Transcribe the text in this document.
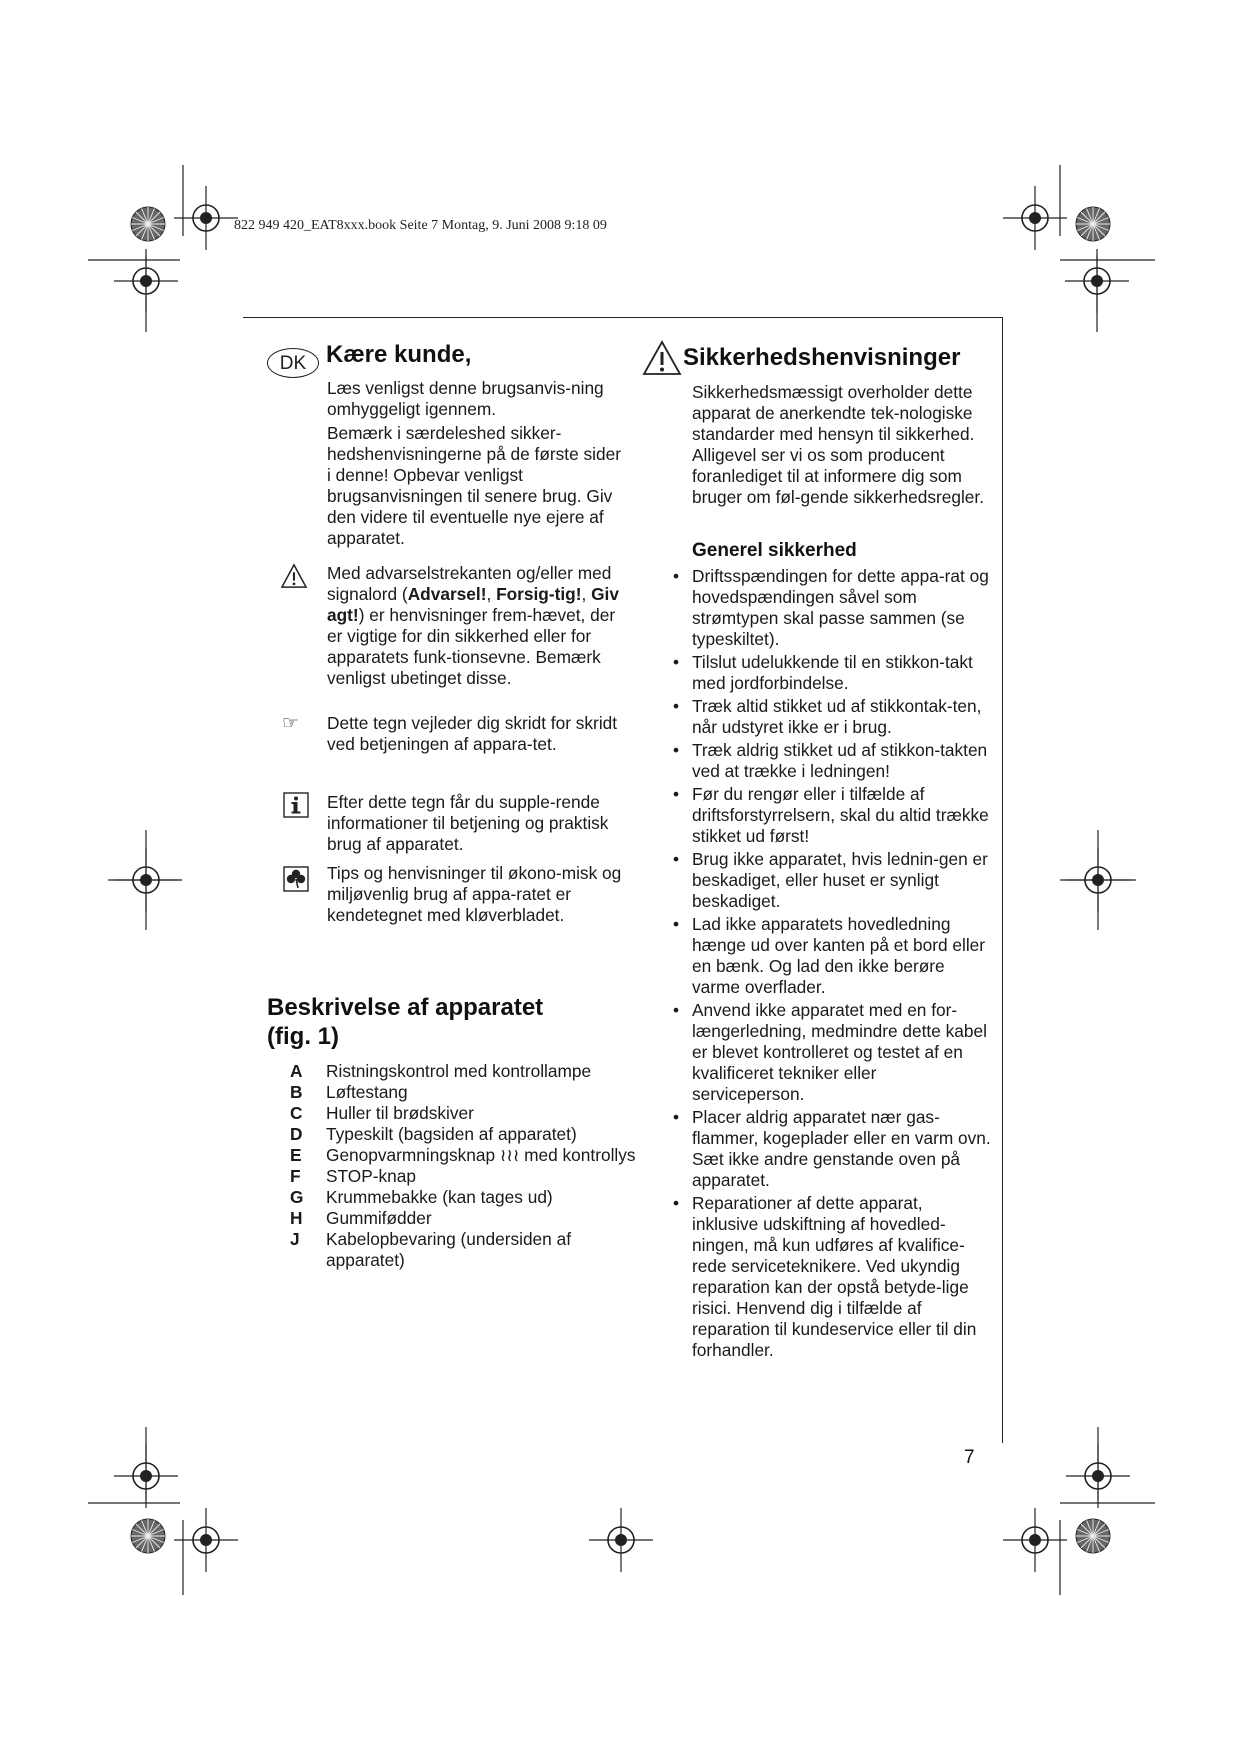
822 949 420_EAT8xxx.book Seite 7 Montag, 9. Juni 2008 9:18 09
DK Kære kunde,
Læs venligst denne brugsanvis-ning omhyggeligt igennem.
Bemærk i særdeleshed sikker-hedshenvisningerne på de første sider i denne! Opbevar venligst brugsanvisningen til senere brug. Giv den videre til eventuelle nye ejere af apparatet.
Med advarselstrekanten og/eller med signalord (Advarsel!, Forsig-tig!, Giv agt!) er henvisninger frem-hævet, der er vigtige for din sikkerhed eller for apparatets funk-tionsevne. Bemærk venligst ubetinget disse.
☞ Dette tegn vejleder dig skridt for skridt ved betjeningen af appara-tet.
Efter dette tegn får du supple-rende informationer til betjening og praktisk brug af apparatet.
Tips og henvisninger til økono-misk og miljøvenlig brug af appa-ratet er kendetegnet med kløverbladet.
Beskrivelse af apparatet
(fig. 1)
A	Ristningskontrol med kontrollampe
B	Løftestang
C	Huller til brødskiver
D	Typeskilt (bagsiden af apparatet)
E	Genopvarmningsknap ≀≀≀ med kontrollys
F	STOP-knap
G	Krummebakke (kan tages ud)
H	Gummifødder
J	Kabelopbevaring (undersiden af apparatet)
Sikkerhedshenvisninger
Sikkerhedsmæssigt overholder dette apparat de anerkendte tek-nologiske standarder med hensyn til sikkerhed. Alligevel ser vi os som producent foranlediget til at informere dig som bruger om føl-gende sikkerhedsregler.
Generel sikkerhed
• Driftsspændingen for dette appa-rat og hovedspændingen såvel som strømtypen skal passe sammen (se typeskiltet).
• Tilslut udelukkende til en stikkon-takt med jordforbindelse.
• Træk altid stikket ud af stikkontak-ten, når udstyret ikke er i brug.
• Træk aldrig stikket ud af stikkon-takten ved at trække i ledningen!
• Før du rengør eller i tilfælde af driftsforstyrrelsern, skal du altid trække stikket ud først!
• Brug ikke apparatet, hvis lednin-gen er beskadiget, eller huset er synligt beskadiget.
• Lad ikke apparatets hovedledning hænge ud over kanten på et bord eller en bænk. Og lad den ikke berøre varme overflader.
• Anvend ikke apparatet med en for-længerledning, medmindre dette kabel er blevet kontrolleret og testet af en kvalificeret tekniker eller serviceperson.
• Placer aldrig apparatet nær gas-flammer, kogeplader eller en varm ovn. Sæt ikke andre genstande oven på apparatet.
• Reparationer af dette apparat, inklusive udskiftning af hovedled-ningen, må kun udføres af kvalifice-rede serviceteknikere. Ved ukyndig reparation kan der opstå betyde-lige risici. Henvend dig i tilfælde af reparation til kundeservice eller til din forhandler.
7
